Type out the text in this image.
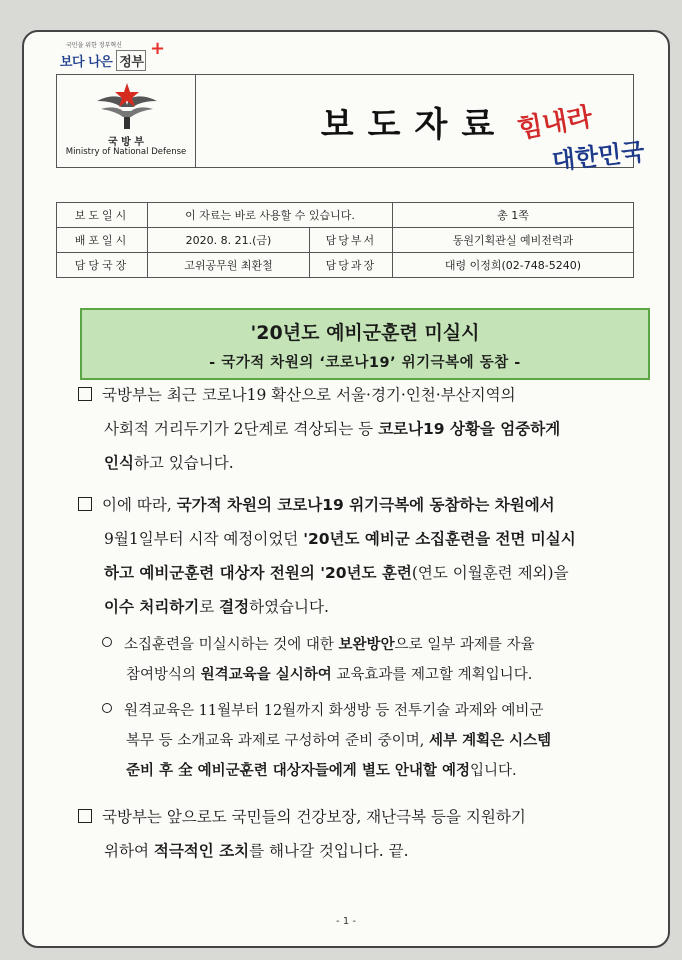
국민을 위한 정부혁신
보다 나은 정부
+
국 방 부
Ministry of National Defense
	보도자료 힘내라
대한민국
보도일시	이 자료는 바로 사용할 수 있습니다.		총 1쪽
배포일시	2020. 8. 21.(금)	담당부서	동원기획관실 예비전력과
담당국장	고위공무원 최환철	담당과장	대령 이정희(02-748-5240)
'20년도 예비군훈련 미실시
- 국가적 차원의 ‘코로나19’ 위기극복에 동참 -
국방부는 최근 코로나19 확산으로 서울·경기·인천·부산지역의
사회적 거리두기가 2단계로 격상되는 등 코로나19 상황을 엄중하게
인식하고 있습니다.
이에 따라, 국가적 차원의 코로나19 위기극복에 동참하는 차원에서
9월1일부터 시작 예정이었던 '20년도 예비군 소집훈련을 전면 미실시
하고 예비군훈련 대상자 전원의 '20년도 훈련(연도 이월훈련 제외)을
이수 처리하기로 결정하였습니다.
소집훈련을 미실시하는 것에 대한 보완방안으로 일부 과제를 자율
참여방식의 원격교육을 실시하여 교육효과를 제고할 계획입니다.
원격교육은 11월부터 12월까지 화생방 등 전투기술 과제와 예비군
복무 등 소개교육 과제로 구성하여 준비 중이며, 세부 계획은 시스템
준비 후 全 예비군훈련 대상자들에게 별도 안내할 예정입니다.
국방부는 앞으로도 국민들의 건강보장, 재난극복 등을 지원하기
위하여 적극적인 조치를 해나갈 것입니다. 끝.
- 1 -
